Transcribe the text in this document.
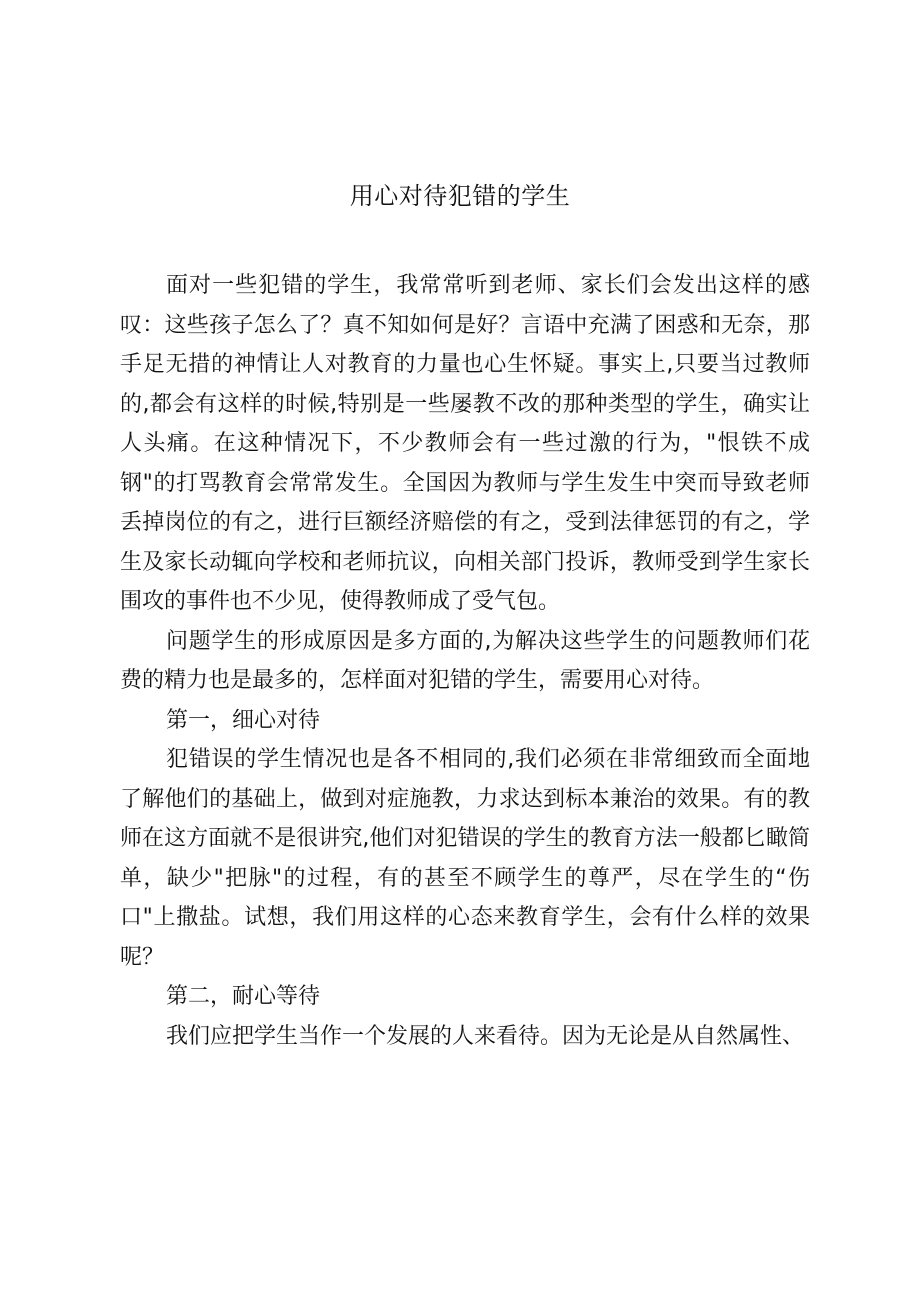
用心对待犯错的学生

面对一些犯错的学生，我常常听到老师、家长们会发出这样的感叹：这些孩子怎么了？真不知如何是好？言语中充满了困惑和无奈，那手足无措的神情让人对教育的力量也心生怀疑。事实上,只要当过教师的,都会有这样的时候,特别是一些屡教不改的那种类型的学生，确实让人头痛。在这种情况下，不少教师会有一些过激的行为，"恨铁不成钢"的打骂教育会常常发生。全国因为教师与学生发生中突而导致老师丢掉岗位的有之，进行巨额经济赔偿的有之，受到法律惩罚的有之，学生及家长动辄向学校和老师抗议，向相关部门投诉，教师受到学生家长围攻的事件也不少见，使得教师成了受气包。

问题学生的形成原因是多方面的,为解决这些学生的问题教师们花费的精力也是最多的，怎样面对犯错的学生，需要用心对待。

第一，细心对待

犯错误的学生情况也是各不相同的,我们必须在非常细致而全面地了解他们的基础上，做到对症施教，力求达到标本兼治的效果。有的教师在这方面就不是很讲究,他们对犯错误的学生的教育方法一般都匕瞰简单，缺少"把脉"的过程，有的甚至不顾学生的尊严，尽在学生的“伤口"上撒盐。试想，我们用这样的心态来教育学生，会有什么样的效果呢？

第二，耐心等待

我们应把学生当作一个发展的人来看待。因为无论是从自然属性、
